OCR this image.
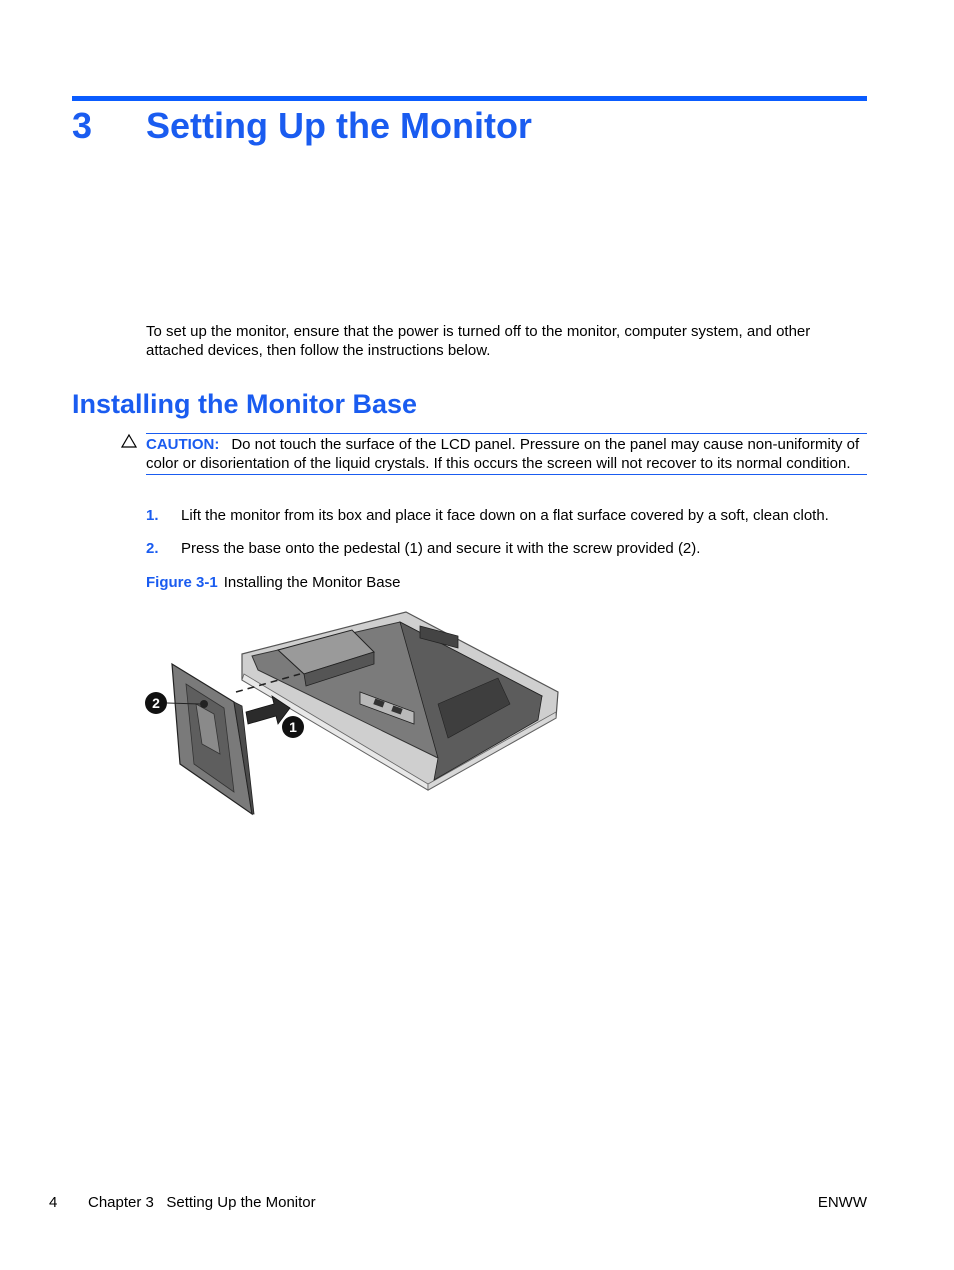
3 Setting Up the Monitor
To set up the monitor, ensure that the power is turned off to the monitor, computer system, and other attached devices, then follow the instructions below.
Installing the Monitor Base
CAUTION: Do not touch the surface of the LCD panel. Pressure on the panel may cause non-uniformity of color or disorientation of the liquid crystals. If this occurs the screen will not recover to its normal condition.
1. Lift the monitor from its box and place it face down on a flat surface covered by a soft, clean cloth.
2. Press the base onto the pedestal (1) and secure it with the screw provided (2).
Figure 3-1 Installing the Monitor Base
1
2
4 Chapter 3   Setting Up the Monitor	ENWW
